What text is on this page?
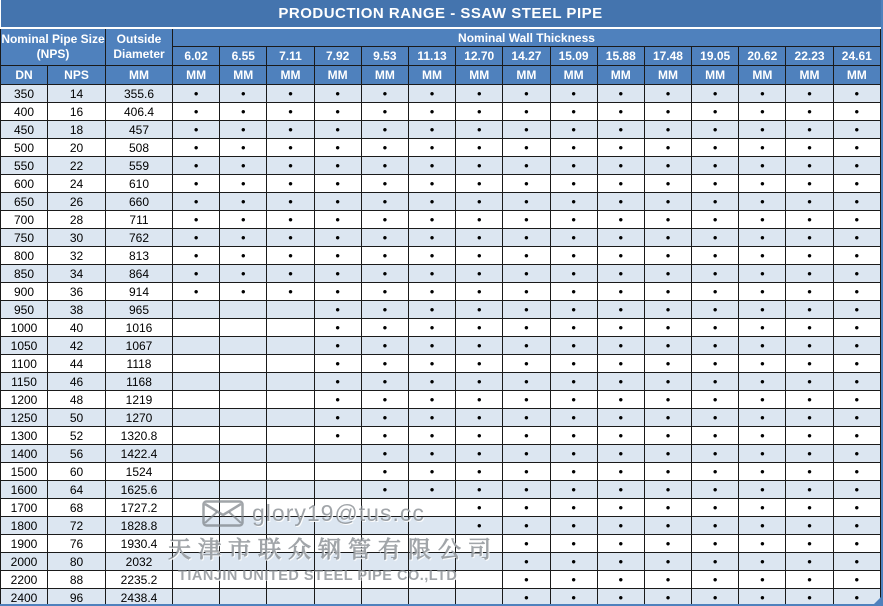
PRODUCTION RANGE - SSAW STEEL PIPE																	
Nominal Pipe Size (NPS)		Outside Diameter	Nominal Wall Thickness														
			6.02	6.55	7.11	7.92	9.53	11.13	12.70	14.27	15.09	15.88	17.48	19.05	20.62	22.23	24.61
DN	NPS	MM	MM	MM	MM	MM	MM	MM	MM	MM	MM	MM	MM	MM	MM	MM	MM
350	14	355.6	•	•	•	•	•	•	•	•	•	•	•	•	•	•	•
400	16	406.4	•	•	•	•	•	•	•	•	•	•	•	•	•	•	•
450	18	457	•	•	•	•	•	•	•	•	•	•	•	•	•	•	•
500	20	508	•	•	•	•	•	•	•	•	•	•	•	•	•	•	•
550	22	559	•	•	•	•	•	•	•	•	•	•	•	•	•	•	•
600	24	610	•	•	•	•	•	•	•	•	•	•	•	•	•	•	•
650	26	660	•	•	•	•	•	•	•	•	•	•	•	•	•	•	•
700	28	711	•	•	•	•	•	•	•	•	•	•	•	•	•	•	•
750	30	762	•	•	•	•	•	•	•	•	•	•	•	•	•	•	•
800	32	813	•	•	•	•	•	•	•	•	•	•	•	•	•	•	•
850	34	864	•	•	•	•	•	•	•	•	•	•	•	•	•	•	•
900	36	914	•	•	•	•	•	•	•	•	•	•	•	•	•	•	•
950	38	965				•	•	•	•	•	•	•	•	•	•	•	•
1000	40	1016				•	•	•	•	•	•	•	•	•	•	•	•
1050	42	1067				•	•	•	•	•	•	•	•	•	•	•	•
1100	44	1118				•	•	•	•	•	•	•	•	•	•	•	•
1150	46	1168				•	•	•	•	•	•	•	•	•	•	•	•
1200	48	1219				•	•	•	•	•	•	•	•	•	•	•	•
1250	50	1270				•	•	•	•	•	•	•	•	•	•	•	•
1300	52	1320.8				•	•	•	•	•	•	•	•	•	•	•	•
1400	56	1422.4					•	•	•	•	•	•	•	•	•	•	•
1500	60	1524					•	•	•	•	•	•	•	•	•	•	•
1600	64	1625.6					•	•	•	•	•	•	•	•	•	•	•
1700	68	1727.2							•	•	•	•	•	•	•	•	•
1800	72	1828.8							•	•	•	•	•	•	•	•	•
1900	76	1930.4								•	•	•	•	•	•	•	•
2000	80	2032								•	•	•	•	•	•	•	•
2200	88	2235.2								•	•	•	•	•	•	•	•
2400	96	2438.4								•	•	•	•	•	•	•	•
glory19@tus.cc
天津市联众钢管有限公司
TIANJIN UNITED STEEL PIPE CO.,LTD
